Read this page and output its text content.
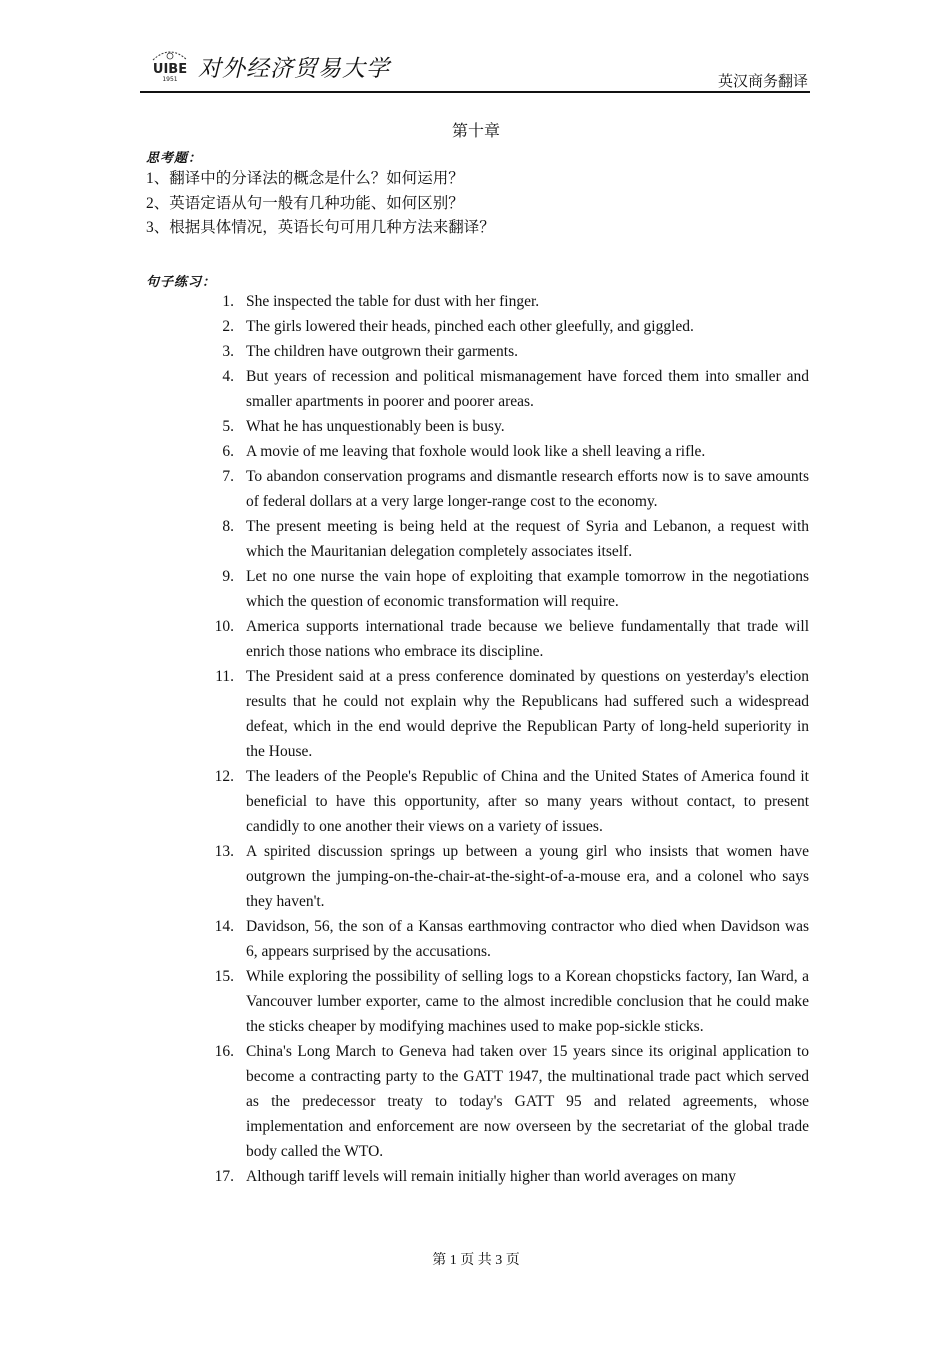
UIBE
1951 对外经济贸易大学	英汉商务翻译
第十章
思考题：
1、翻译中的分译法的概念是什么？如何运用？
2、英语定语从句一般有几种功能、如何区别？
3、根据具体情况，英语长句可用几种方法来翻译？
句子练习：
1. She inspected the table for dust with her finger.
2. The girls lowered their heads, pinched each other gleefully, and giggled.
3. The children have outgrown their garments.
4. But years of recession and political mismanagement have forced them into smaller and smaller apartments in poorer and poorer areas.
5. What he has unquestionably been is busy.
6. A movie of me leaving that foxhole would look like a shell leaving a rifle.
7. To abandon conservation programs and dismantle research efforts now is to save amounts of federal dollars at a very large longer-range cost to the economy.
8. The present meeting is being held at the request of Syria and Lebanon, a request with which the Mauritanian delegation completely associates itself.
9. Let no one nurse the vain hope of exploiting that example tomorrow in the negotiations which the question of economic transformation will require.
10. America supports international trade because we believe fundamentally that trade will enrich those nations who embrace its discipline.
11. The President said at a press conference dominated by questions on yesterday's election results that he could not explain why the Republicans had suffered such a widespread defeat, which in the end would deprive the Republican Party of long-held superiority in the House.
12. The leaders of the People's Republic of China and the United States of America found it beneficial to have this opportunity, after so many years without contact, to present candidly to one another their views on a variety of issues.
13. A spirited discussion springs up between a young girl who insists that women have outgrown the jumping-on-the-chair-at-the-sight-of-a-mouse era, and a colonel who says they haven't.
14. Davidson, 56, the son of a Kansas earthmoving contractor who died when Davidson was 6, appears surprised by the accusations.
15. While exploring the possibility of selling logs to a Korean chopsticks factory, Ian Ward, a Vancouver lumber exporter, came to the almost incredible conclusion that he could make the sticks cheaper by modifying machines used to make pop-sickle sticks.
16. China's Long March to Geneva had taken over 15 years since its original application to become a contracting party to the GATT 1947, the multinational trade pact which served as the predecessor treaty to today's GATT 95 and related agreements, whose implementation and enforcement are now overseen by the secretariat of the global trade body called the WTO.
17. Although tariff levels will remain initially higher than world averages on many
第 1 页 共 3 页
